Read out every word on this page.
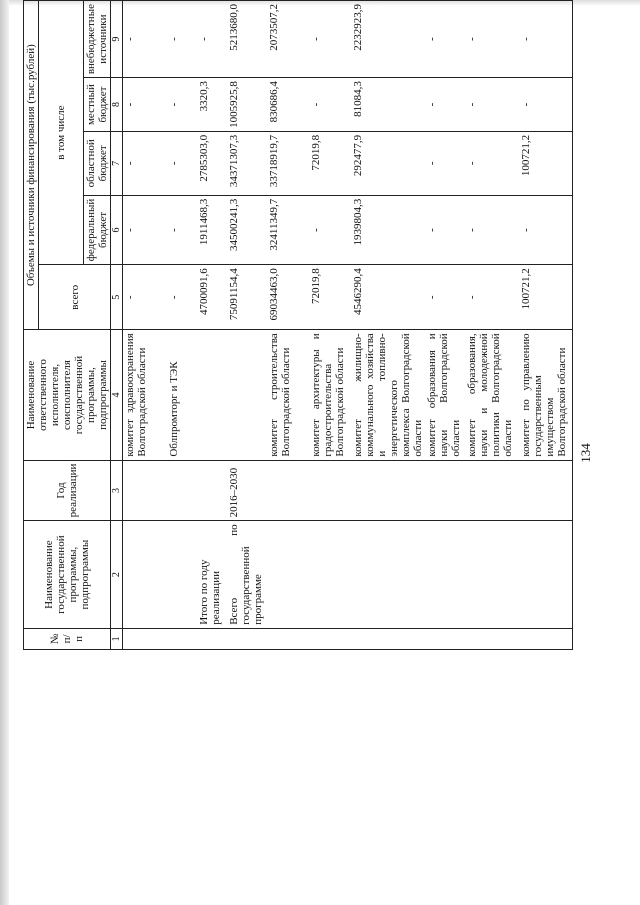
134
№ п/п	Наименование государственной программы, подпрограммы	Год реализации	Наименование ответственного исполнителя, соисполнителя государственной программы, подпрограммы	Объемы и источники финансирования (тыс.рублей)				
				всего	в том числе			
					федеральный бюджет	областной бюджет	местный бюджет	внебюджетные источники
1	2	3	4	5	6	7	8	9
			комитет здравоохранения Волгоградской области	-	-	-	-	-
			Облпромторг и ТЭК	-	-	-	-	-
	Итого по году реализации			4700091,6	1911468,3	2785303,0	3320,3	-
	Всего по государственной программе	2016–2030		75091154,4	34500241,3	34371307,3	1005925,8	5213680,0
			комитет строительства Волгоградской области	69034463,0	32411349,7	33718919,7	830686,4	2073507,2
			комитет архитектуры и градостроительства Волгоградской области	72019,8	-	72019,8	-	-
			комитет жилищно-коммунального хозяйства и топливно-энергетического комплекса Волгоградской области	4546290,4	1939804,3	292477,9	81084,3	2232923,9
			комитет образования и науки Волгоградской области	-	-	-	-	-
			комитет образования, науки и молодежной политики Волгоградской области	-	-	-	-	-
			комитет по управлению государственным имуществом Волгоградской области	100721,2	-	100721,2	-	-
